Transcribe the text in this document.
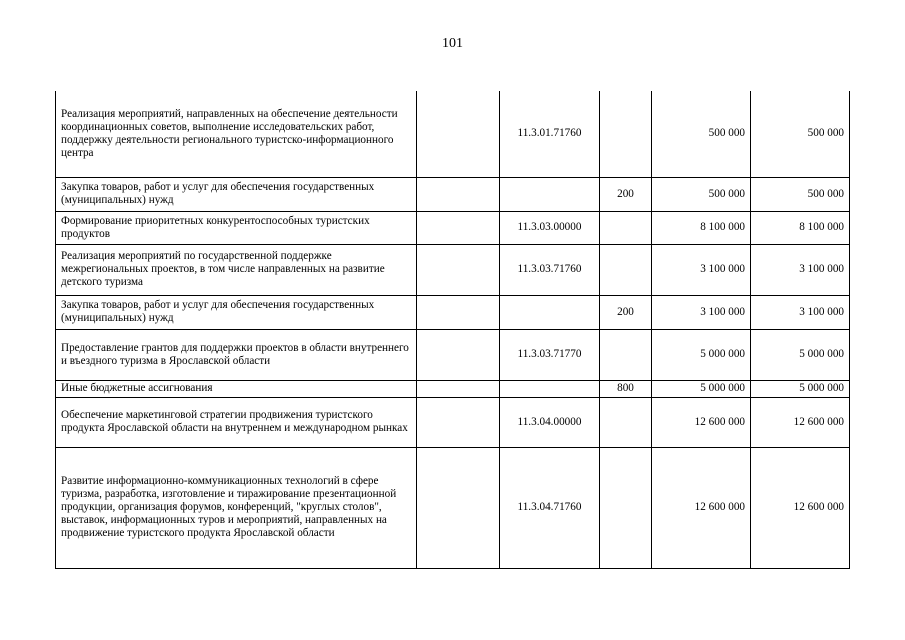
101
Реализация мероприятий, направленных на обеспечение деятельности координационных советов, выполнение исследовательских работ, поддержку деятельности регионального туристско-информационного центра		11.3.01.71760		500 000	500 000
Закупка товаров, работ и услуг для обеспечения государственных (муниципальных) нужд			200	500 000	500 000
Формирование приоритетных конкурентоспособных туристских продуктов		11.3.03.00000		8 100 000	8 100 000
Реализация мероприятий по государственной поддержке межрегиональных проектов, в том числе направленных на развитие детского туризма		11.3.03.71760		3 100 000	3 100 000
Закупка товаров, работ и услуг для обеспечения государственных (муниципальных) нужд			200	3 100 000	3 100 000
Предоставление грантов для поддержки проектов в области внутреннего и въездного туризма в Ярославской области		11.3.03.71770		5 000 000	5 000 000
Иные бюджетные ассигнования			800	5 000 000	5 000 000
Обеспечение маркетинговой стратегии продвижения туристского продукта Ярославской области на внутреннем и международном рынках		11.3.04.00000		12 600 000	12 600 000
Развитие информационно-коммуникационных технологий в сфере туризма, разработка, изготовление и тиражирование презентационной продукции, организация форумов, конференций, "круглых столов", выставок, информационных туров и мероприятий, направленных на продвижение туристского продукта Ярославской области		11.3.04.71760		12 600 000	12 600 000
